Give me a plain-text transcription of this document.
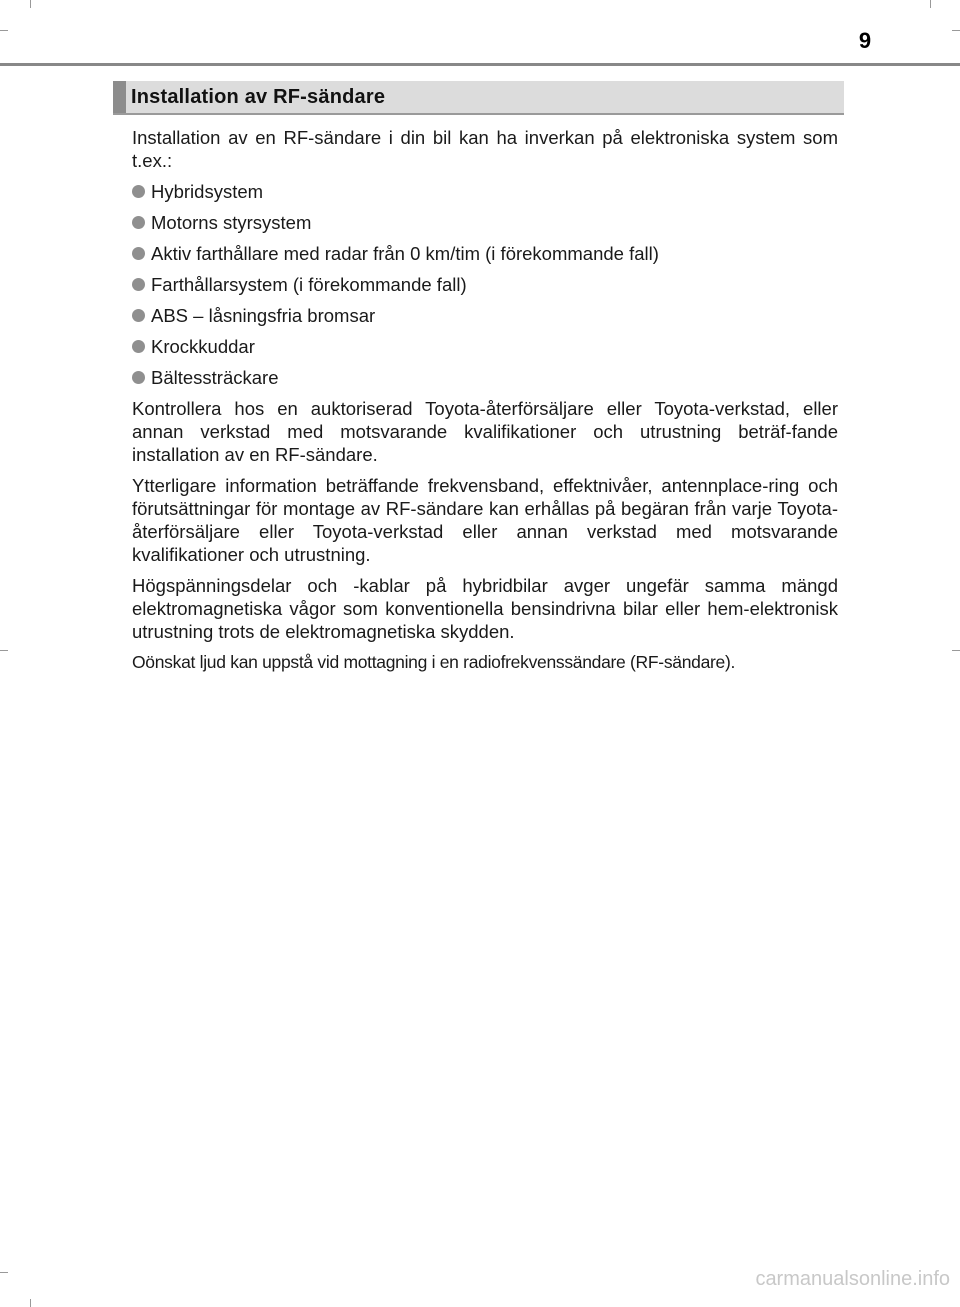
9
Installation av RF-sändare

Installation av en RF-sändare i din bil kan ha inverkan på elektroniska system som t.ex.:

Hybridsystem
Motorns styrsystem
Aktiv farthållare med radar från 0 km/tim (i förekommande fall)
Farthållarsystem (i förekommande fall)
ABS – låsningsfria bromsar
Krockkuddar
Bältessträckare

Kontrollera hos en auktoriserad Toyota-återförsäljare eller Toyota-verkstad, eller annan verkstad med motsvarande kvalifikationer och utrustning beträf-fande installation av en RF-sändare.

Ytterligare information beträffande frekvensband, effektnivåer, antennplace-ring och förutsättningar för montage av RF-sändare kan erhållas på begäran från varje Toyota-återförsäljare eller Toyota-verkstad eller annan verkstad med motsvarande kvalifikationer och utrustning.

Högspänningsdelar och -kablar på hybridbilar avger ungefär samma mängd elektromagnetiska vågor som konventionella bensindrivna bilar eller hem-elektronisk utrustning trots de elektromagnetiska skydden.

Oönskat ljud kan uppstå vid mottagning i en radiofrekvenssändare (RF-sändare).

carmanualsonline.info
